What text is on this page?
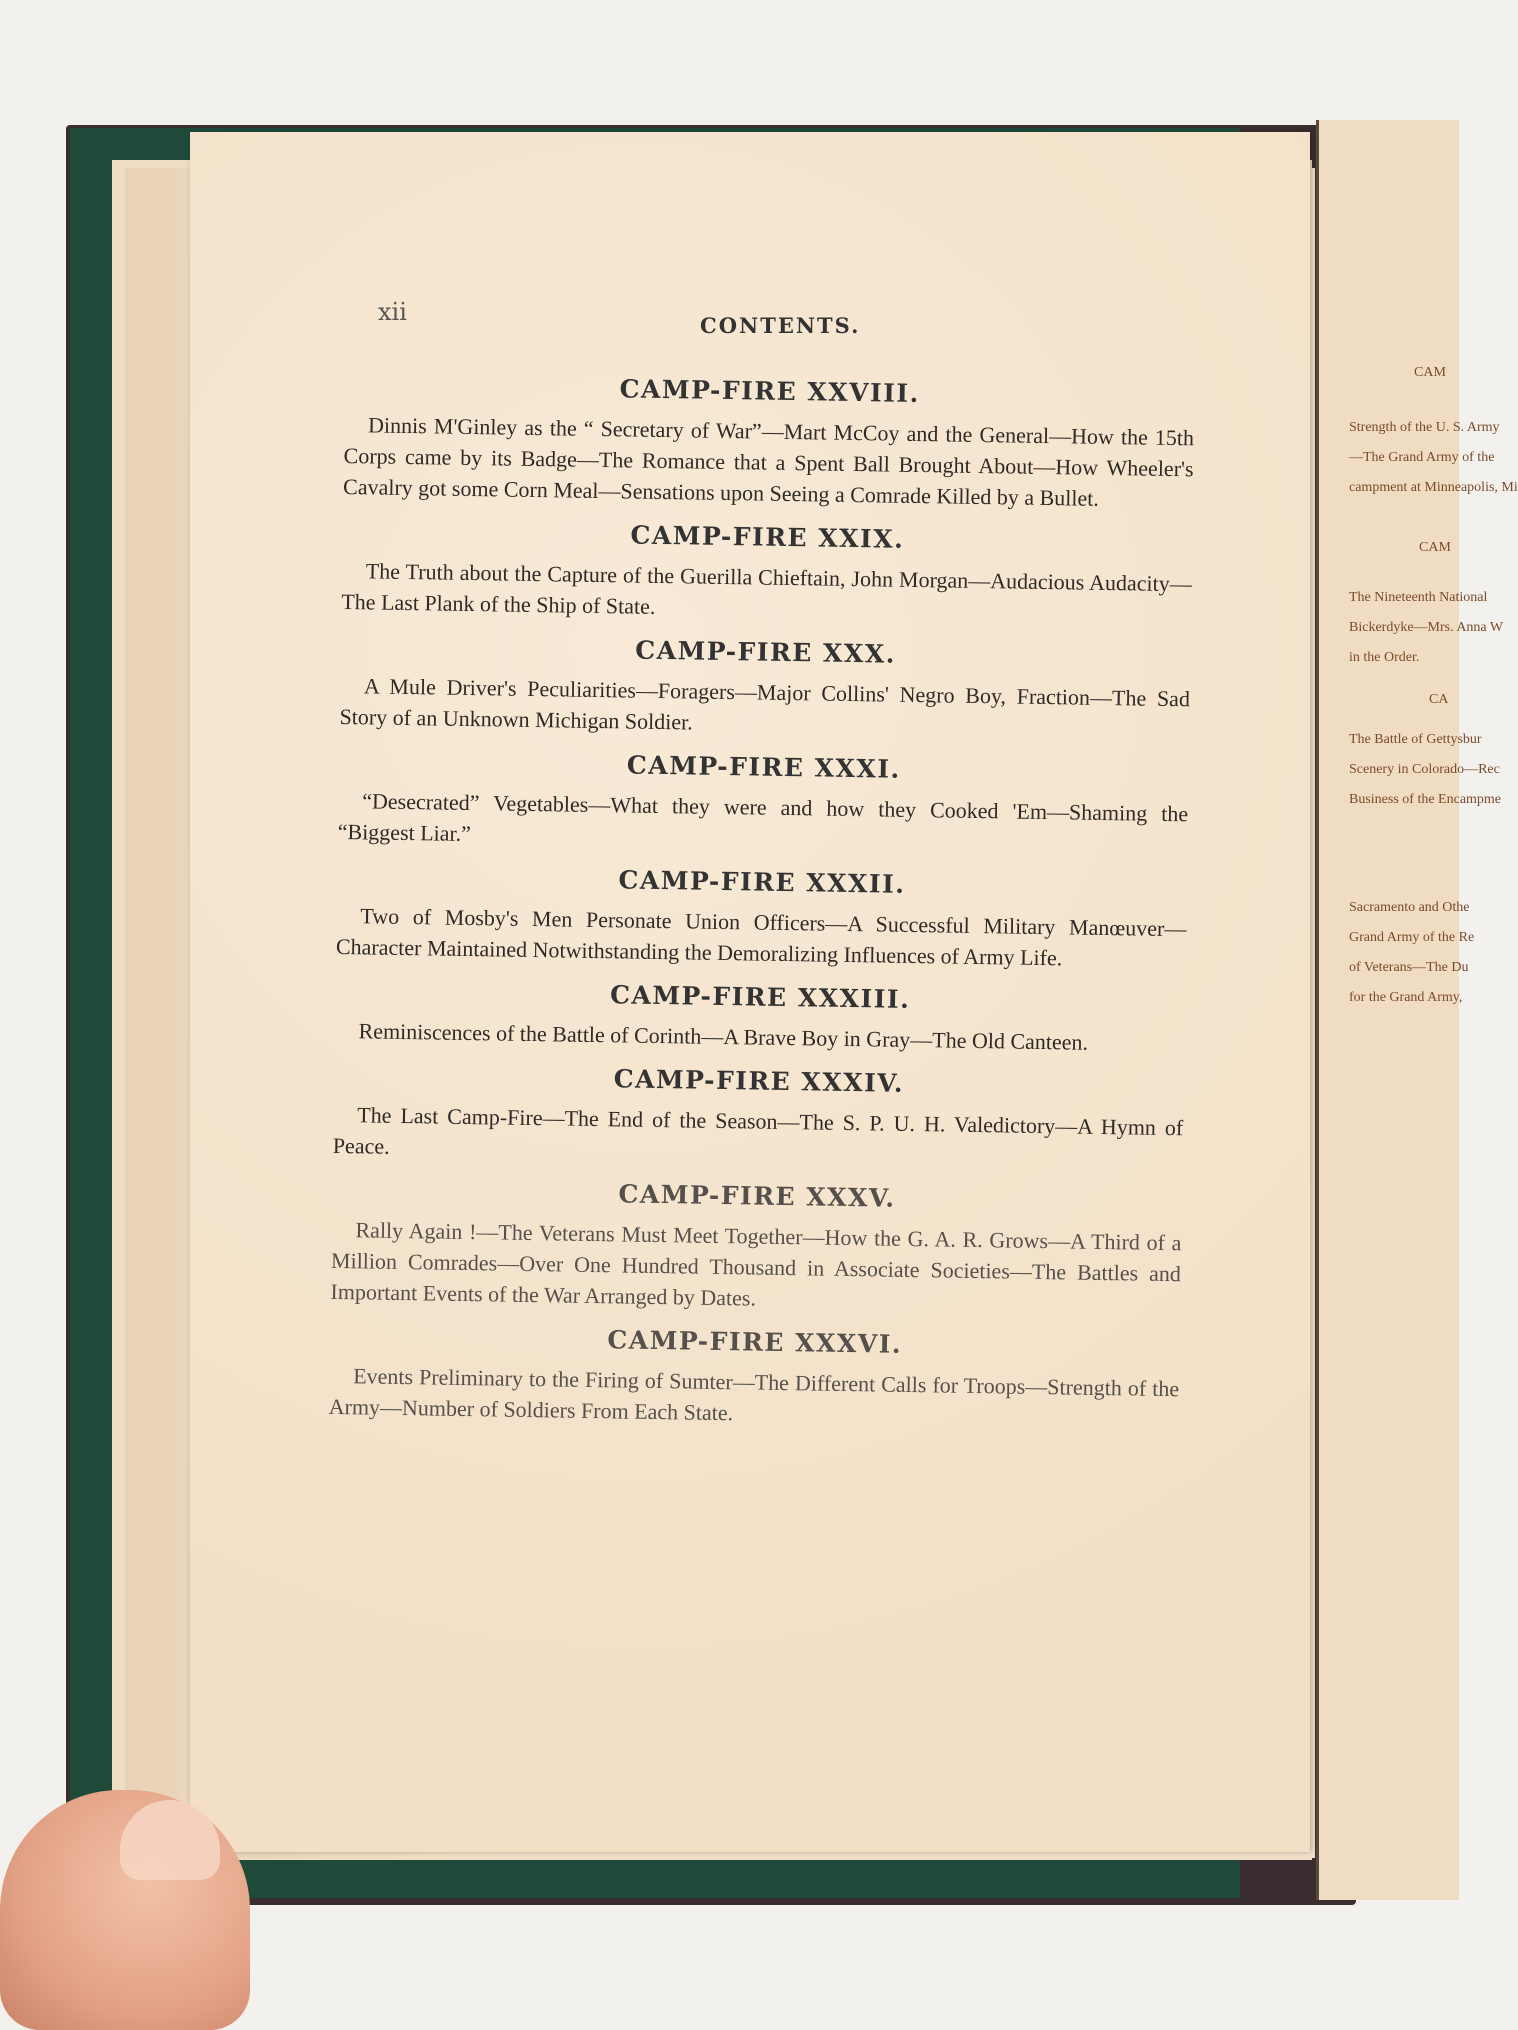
CAM
Strength of the U. S. Army
—The Grand Army of the
campment at Minneapolis, Mi
CAM
The Nineteenth National
Bickerdyke—Mrs. Anna W
in the Order.
CA
The Battle of Gettysbur
Scenery in Colorado—Rec
Business of the Encampme
Sacramento and Othe
Grand Army of the Re
of Veterans—The Du
for the Grand Army,
xii	CONTENTS.
CAMP-FIRE XXVIII.

Dinnis M'Ginley as the “ Secretary of War”—Mart McCoy and the General—How the 15th Corps came by its Badge—The Romance that a Spent Ball Brought About—How Wheeler's Cavalry got some Corn Meal—Sensations upon Seeing a Comrade Killed by a Bullet.

CAMP-FIRE XXIX.

The Truth about the Capture of the Guerilla Chieftain, John Morgan—Audacious Audacity—The Last Plank of the Ship of State.

CAMP-FIRE XXX.

A Mule Driver's Peculiarities—Foragers—Major Collins' Negro Boy, Fraction—The Sad Story of an Unknown Michigan Soldier.

CAMP-FIRE XXXI.

“Desecrated” Vegetables—What they were and how they Cooked 'Em—Shaming the “Biggest Liar.”

CAMP-FIRE XXXII.

Two of Mosby's Men Personate Union Officers—A Successful Military Manœuver—Character Maintained Notwithstanding the Demoralizing Influences of Army Life.

CAMP-FIRE XXXIII.

Reminiscences of the Battle of Corinth—A Brave Boy in Gray—The Old Canteen.

CAMP-FIRE XXXIV.

The Last Camp-Fire—The End of the Season—The S. P. U. H. Valedictory—A Hymn of Peace.

CAMP-FIRE XXXV.

Rally Again !—The Veterans Must Meet Together—How the G. A. R. Grows—A Third of a Million Comrades—Over One Hundred Thousand in Associate Societies—The Battles and Important Events of the War Arranged by Dates.

CAMP-FIRE XXXVI.

Events Preliminary to the Firing of Sumter—The Different Calls for Troops—Strength of the Army—Number of Soldiers From Each State.
